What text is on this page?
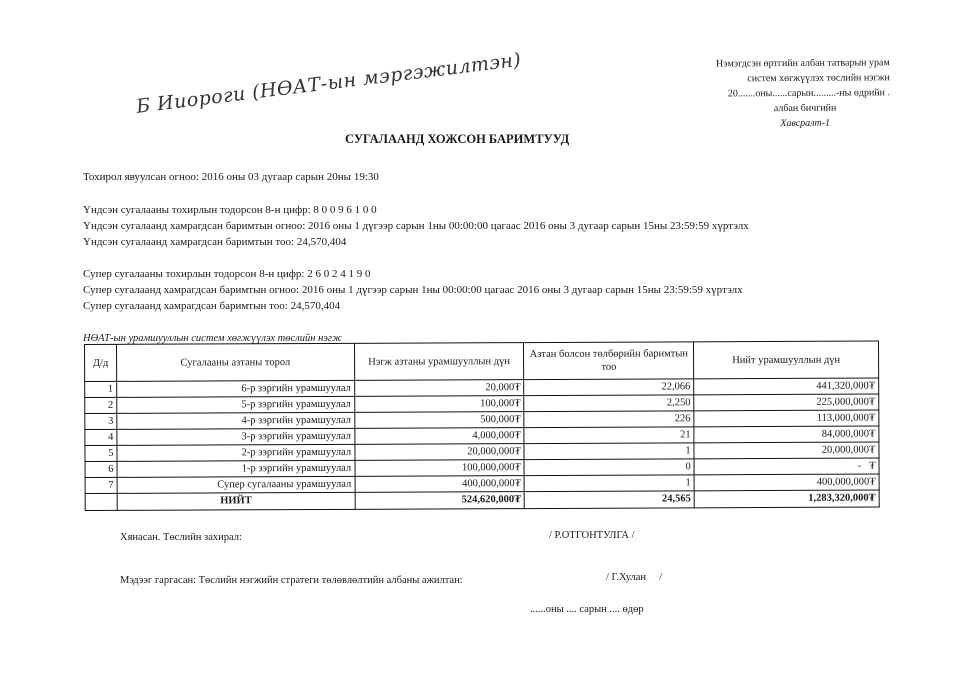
Нэмэгдсэн өртгийн албан татварын урам
систем хөгжүүлэх төслийн нэгжи
20.......оны......сарын.........-ны өдрийн .
албан бичгийн
Хавсралт-1
Б Ииороги (НӨАТ-ын мэргэжилтэн)
СУГАЛААНД ХОЖСОН БАРИМТУУД
Тохирол явуулсан огноо: 2016 оны 03 дугаар сарын 20ны 19:30
Үндсэн сугалааны тохирлын тодорсон 8-н цифр: 8 0 0 9 6 1 0 0
Үндсэн сугалаанд хамрагдсан баримтын огноо: 2016 оны 1 дүгээр сарын 1ны 00:00:00 цагаас 2016 оны 3 дугаар сарын 15ны 23:59:59 хүртэлх
Үндсэн сугалаанд хамрагдсан баримтын тоо: 24,570,404
Супер сугалааны тохирлын тодорсон 8-н цифр: 2 6 0 2 4 1 9 0
Супер сугалаанд хамрагдсан баримтын огноо: 2016 оны 1 дүгээр сарын 1ны 00:00:00 цагаас 2016 оны 3 дугаар сарын 15ны 23:59:59 хүртэлх
Супер сугалаанд хамрагдсан баримтын тоо: 24,570,404
НӨАТ-ын урамшууллын систем хөгжүүлэх төслийн нэгж
Д/д	Сугалааны азтаны торол	Нэгж азтаны урамшууллын дүн	Азтан болсон төлбөрийн баримтын тоо	Нийт урамшууллын дүн
1	6-р зэргийн урамшуулал	20,000₮	22,066	441,320,000₮
2	5-р зэргийн урамшуулал	100,000₮	2,250	225,000,000₮
3	4-р зэргийн урамшуулал	500,000₮	226	113,000,000₮
4	3-р зэргийн урамшуулал	4,000,000₮	21	84,000,000₮
5	2-р зэргийн урамшуулал	20,000,000₮	1	20,000,000₮
6	1-р зэргийн урамшуулал	100,000,000₮	0	-   ₮
7	Супер сугалааны урамшуулал	400,000,000₮	1	400,000,000₮
	НИЙТ	524,620,000₮	24,565	1,283,320,000₮
Хянасан. Төслийн захирал:	/ Р.ОТГОНТУЛГА /
Мэдээг гаргасан: Төслийн нэгжийн стратеги төлөвлөлтийн албаны ажилтан:	/ Г.Хулан     /
......оны .... сарын .... өдөр
